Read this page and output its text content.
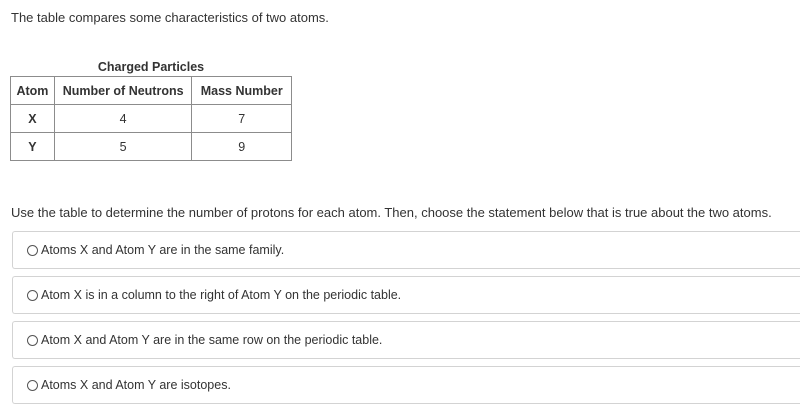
The table compares some characteristics of two atoms.
Charged Particles
Atom	Number of Neutrons	Mass Number
X	4	7
Y	5	9
Use the table to determine the number of protons for each atom. Then, choose the statement below that is true about the two atoms.
Atoms X and Atom Y are in the same family.
Atom X is in a column to the right of Atom Y on the periodic table.
Atom X and Atom Y are in the same row on the periodic table.
Atoms X and Atom Y are isotopes.
